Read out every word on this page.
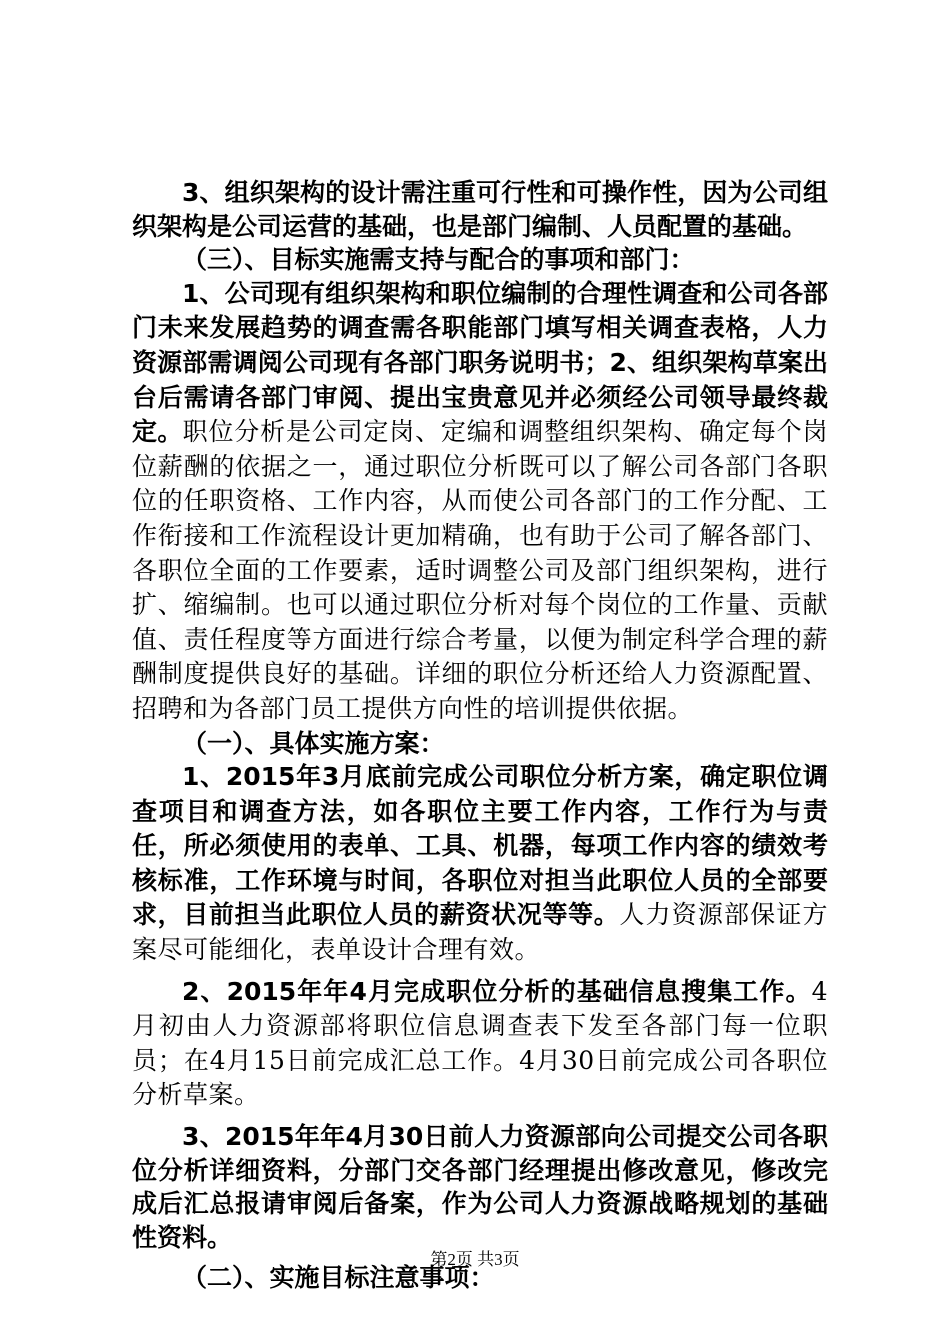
3、组织架构的设计需注重可行性和可操作性，因为公司组织架构是公司运营的基础，也是部门编制、人员配置的基础。

（三）、目标实施需支持与配合的事项和部门：

1、公司现有组织架构和职位编制的合理性调查和公司各部门未来发展趋势的调查需各职能部门填写相关调查表格，人力资源部需调阅公司现有各部门职务说明书；2、组织架构草案出台后需请各部门审阅、提出宝贵意见并必须经公司领导最终裁定。职位分析是公司定岗、定编和调整组织架构、确定每个岗位薪酬的依据之一，通过职位分析既可以了解公司各部门各职位的任职资格、工作内容，从而使公司各部门的工作分配、工作衔接和工作流程设计更加精确，也有助于公司了解各部门、各职位全面的工作要素，适时调整公司及部门组织架构，进行扩、缩编制。也可以通过职位分析对每个岗位的工作量、贡献值、责任程度等方面进行综合考量，以便为制定科学合理的薪酬制度提供良好的基础。详细的职位分析还给人力资源配置、招聘和为各部门员工提供方向性的培训提供依据。

（一）、具体实施方案：

1、2015年3月底前完成公司职位分析方案，确定职位调查项目和调查方法，如各职位主要工作内容，工作行为与责任，所必须使用的表单、工具、机器，每项工作内容的绩效考核标准，工作环境与时间，各职位对担当此职位人员的全部要求，目前担当此职位人员的薪资状况等等。人力资源部保证方案尽可能细化，表单设计合理有效。

2、2015年年4月完成职位分析的基础信息搜集工作。4月初由人力资源部将职位信息调查表下发至各部门每一位职员；在4月15日前完成汇总工作。4月30日前完成公司各职位分析草案。

3、2015年年4月30日前人力资源部向公司提交公司各职位分析详细资料，分部门交各部门经理提出修改意见，修改完成后汇总报请审阅后备案，作为公司人力资源战略规划的基础性资料。

（二）、实施目标注意事项：

第2页 共3页
